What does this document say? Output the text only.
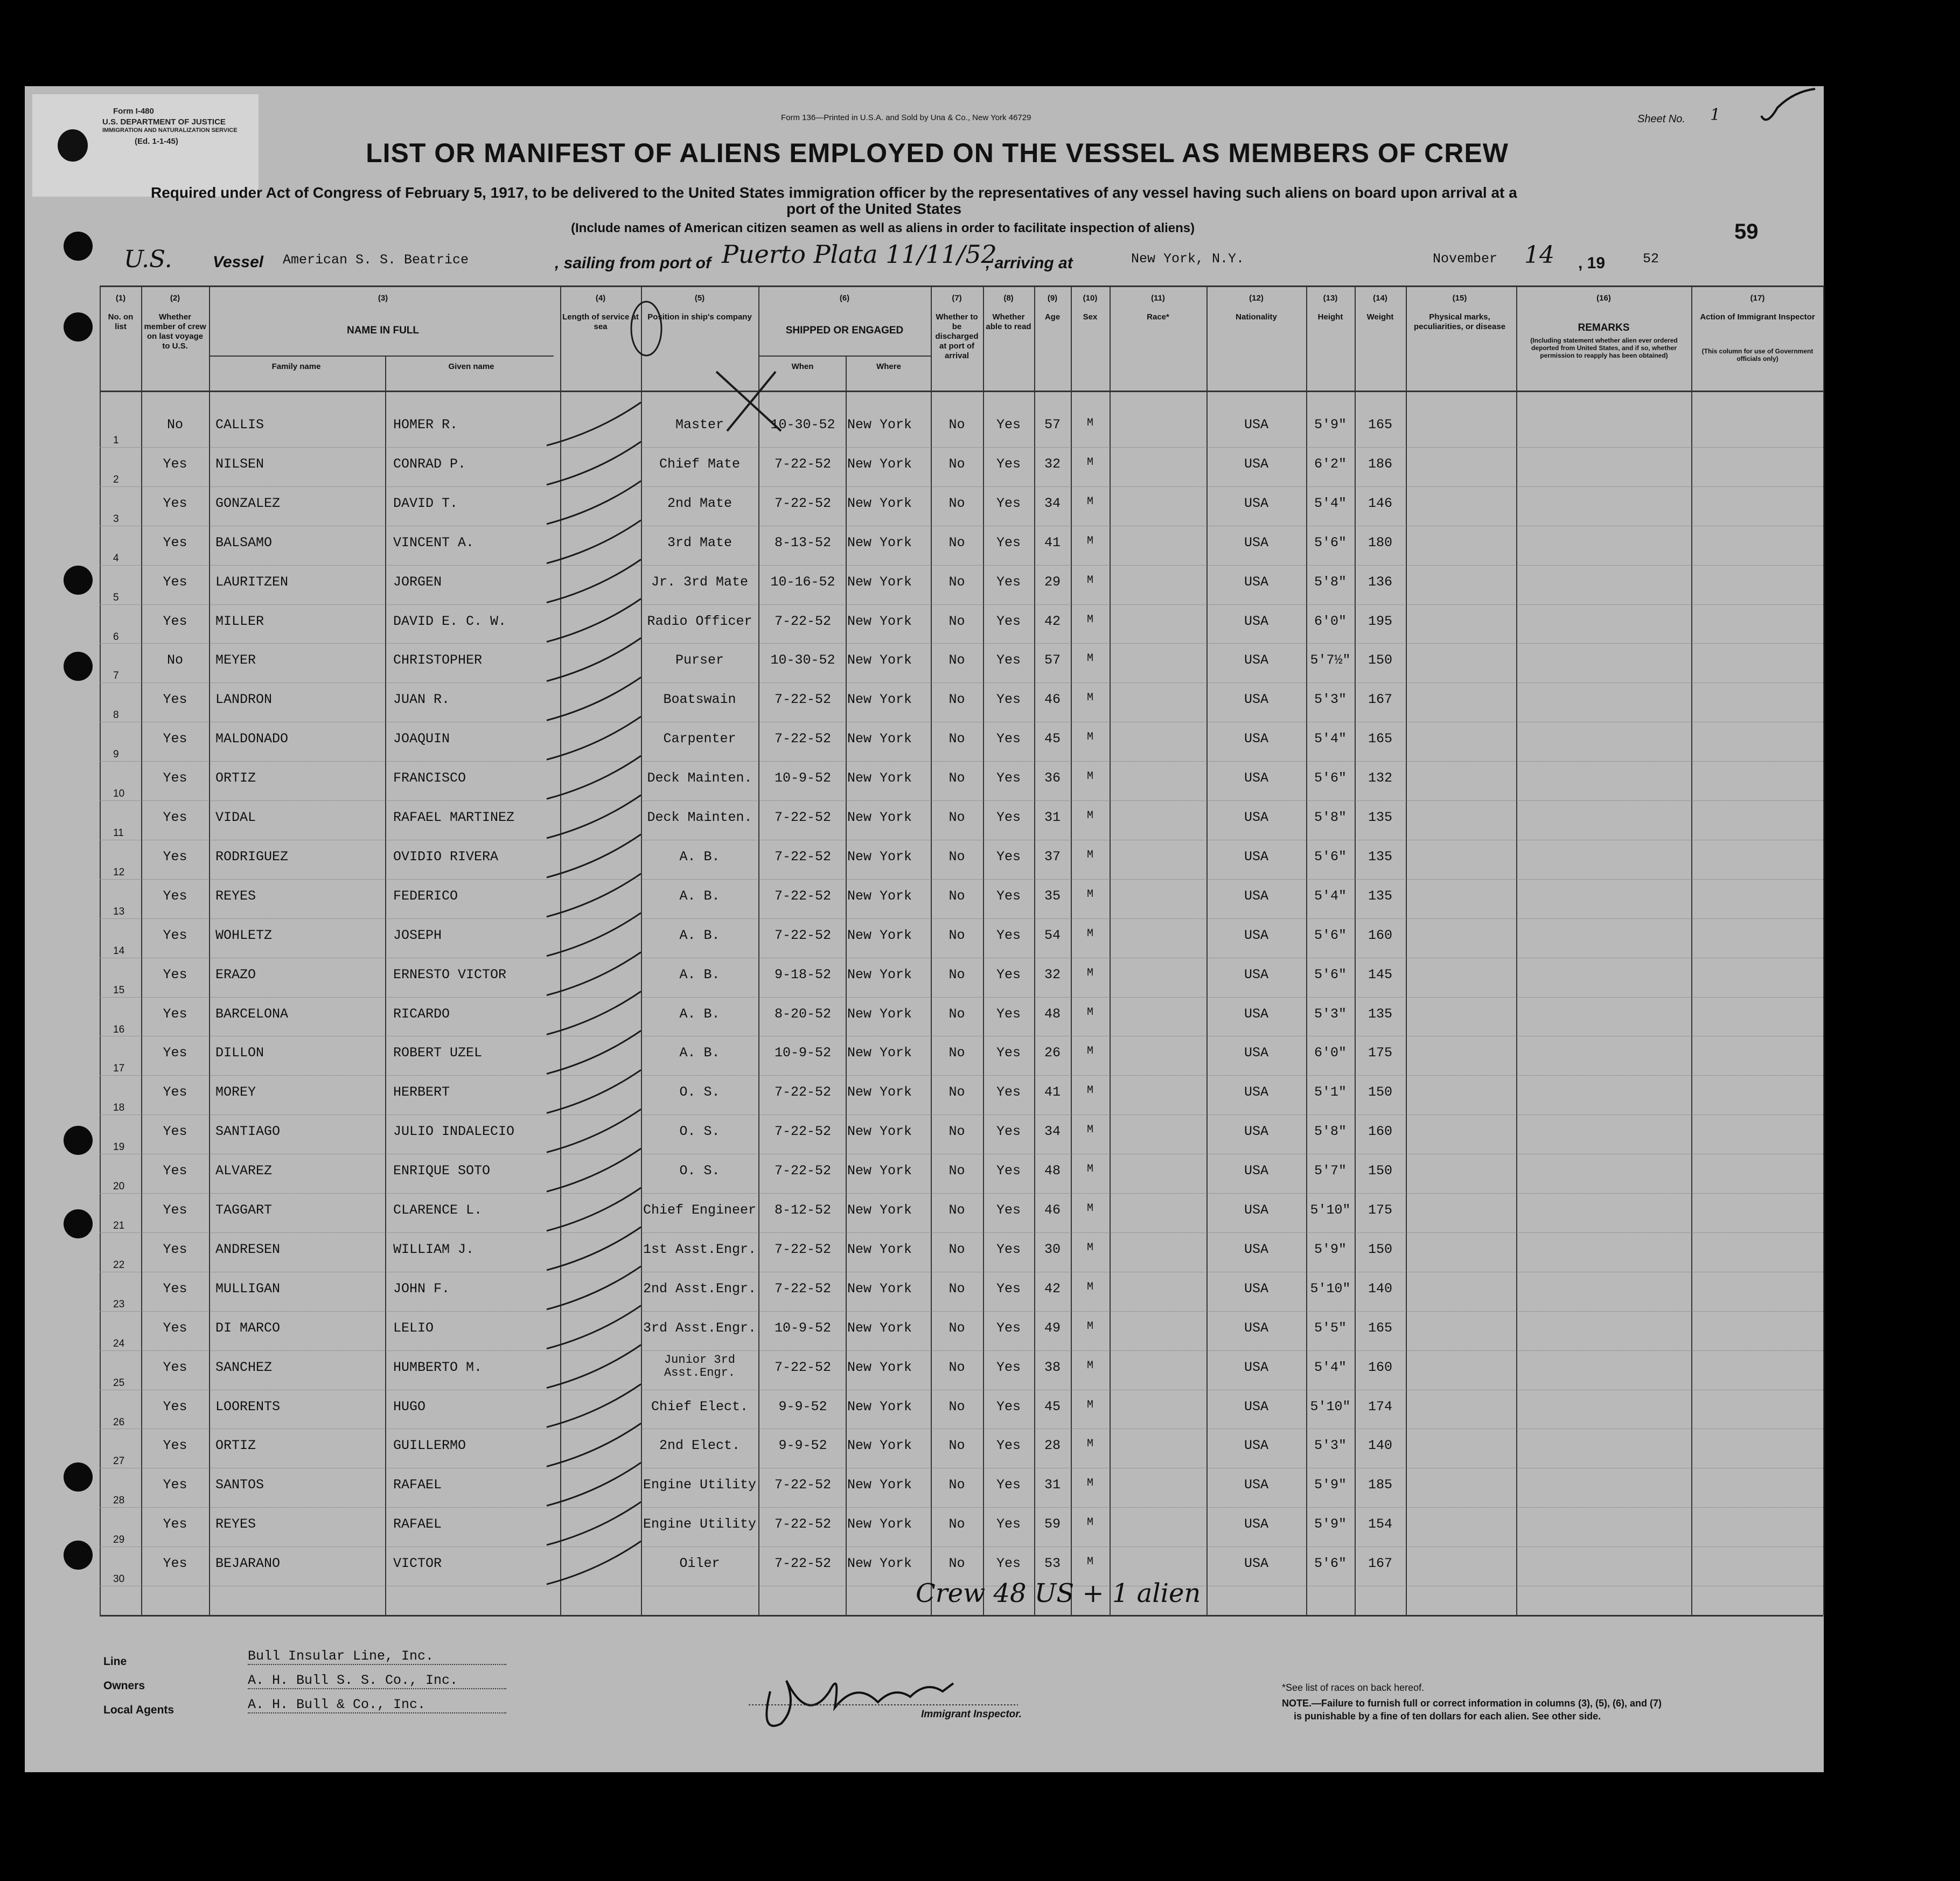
Form I-480
U.S. DEPARTMENT OF JUSTICE
IMMIGRATION AND NATURALIZATION SERVICE
(Ed. 1-1-45)
Form 136—Printed in U.S.A. and Sold by Una & Co., New York 46729	Sheet No. 1
LIST OR MANIFEST OF ALIENS EMPLOYED ON THE VESSEL AS MEMBERS OF CREW
Required under Act of Congress of February 5, 1917, to be delivered to the United States immigration officer by the representatives of any vessel having such aliens on board upon arrival at a
port of the United States
(Include names of American citizen seamen as well as aliens in order to facilitate inspection of aliens)	59
U.S.	Vessel American S. S. Beatrice	, sailing from port of Puerto Plata 11/11/52
, arriving at	New York, N.Y.	November 14 , 19	52
(1)
No. on list
(2)
Whether member of crew on last voyage to U.S.
(3)
NAME IN FULL
(4)
Length of service at sea
(5)
Position in ship's company
(6)
SHIPPED OR ENGAGED
(7)
Whether to be discharged at port of arrival
(8)
Whether able to read
(9)
Age
(10)
Sex
(11)
Race*
(12)
Nationality
(13)
Height
(14)
Weight
(15)
Physical marks, peculiarities, or disease
(16)
REMARKS
(17)
Action of Immigrant Inspector
Family name	Given name	When	Where
(Including statement whether alien ever ordered deported from United States, and if so, whether permission to reapply has been obtained)
(This column for use of Government officials only)
1
No	CALLIS	HOMER R.	Master	10-30-52 New York	No	Yes	57	M	USA	5'9"	165
2
Yes	NILSEN	CONRAD P.	Chief Mate	7-22-52	New York	No	Yes	32	M	USA	6'2"	186
3
Yes	GONZALEZ	DAVID T.	2nd Mate	7-22-52	New York	No	Yes	34	M	USA	5'4"	146
4
Yes	BALSAMO	VINCENT A.	3rd Mate	8-13-52	New York	No	Yes	41	M	USA	5'6"	180
5
Yes	LAURITZEN	JORGEN	Jr. 3rd Mate	10-16-52 New York	No	Yes	29	M	USA	5'8"	136
6
Yes	MILLER	DAVID E. C. W.	Radio Officer	7-22-52	New York	No	Yes	42	M	USA	6'0"	195
7
No	MEYER	CHRISTOPHER	Purser	10-30-52 New York	No	Yes	57	M	USA	5'7½"	150
8
Yes	LANDRON	JUAN R.	Boatswain	7-22-52	New York	No	Yes	46	M	USA	5'3"	167
9
Yes	MALDONADO	JOAQUIN	Carpenter	7-22-52	New York	No	Yes	45	M	USA	5'4"	165
10
Yes	ORTIZ	FRANCISCO	Deck Mainten.	10-9-52	New York	No	Yes	36	M	USA	5'6"	132
11
Yes	VIDAL	RAFAEL MARTINEZ	Deck Mainten.	7-22-52	New York	No	Yes	31	M	USA	5'8"	135
12
Yes	RODRIGUEZ	OVIDIO RIVERA	A. B.	7-22-52	New York	No	Yes	37	M	USA	5'6"	135
13
Yes	REYES	FEDERICO	A. B.	7-22-52	New York	No	Yes	35	M	USA	5'4"	135
14
Yes	WOHLETZ	JOSEPH	A. B.	7-22-52	New York	No	Yes	54	M	USA	5'6"	160
15
Yes	ERAZO	ERNESTO VICTOR	A. B.	9-18-52	New York	No	Yes	32	M	USA	5'6"	145
16
Yes	BARCELONA	RICARDO	A. B.	8-20-52	New York	No	Yes	48	M	USA	5'3"	135
17
Yes	DILLON	ROBERT UZEL	A. B.	10-9-52	New York	No	Yes	26	M	USA	6'0"	175
18
Yes	MOREY	HERBERT	O. S.	7-22-52	New York	No	Yes	41	M	USA	5'1"	150
19
Yes	SANTIAGO	JULIO INDALECIO	O. S.	7-22-52	New York	No	Yes	34	M	USA	5'8"	160
20
Yes	ALVAREZ	ENRIQUE SOTO	O. S.	7-22-52	New York	No	Yes	48	M	USA	5'7"	150
21
Yes	TAGGART	CLARENCE L.	Chief Engineer	8-12-52	New York	No	Yes	46	M	USA	5'10"	175
22
Yes	ANDRESEN	WILLIAM J.	1st Asst.Engr.	7-22-52	New York	No	Yes	30	M	USA	5'9"	150
23
Yes	MULLIGAN	JOHN F.	2nd Asst.Engr.	7-22-52	New York	No	Yes	42	M	USA	5'10"	140
24
Yes	DI MARCO	LELIO	3rd Asst.Engr.	10-9-52	New York	No	Yes	49	M	USA	5'5"	165
25
Yes	SANCHEZ	HUMBERTO M.	Junior 3rd Asst.Engr.	7-22-52	New York	No	Yes	38	M	USA	5'4"	160
26
Yes	LOORENTS	HUGO	Chief Elect.	9-9-52	New York	No	Yes	45	M	USA	5'10"	174
27
Yes	ORTIZ	GUILLERMO	2nd Elect.	9-9-52	New York	No	Yes	28	M	USA	5'3"	140
28
Yes	SANTOS	RAFAEL	Engine Utility	7-22-52	New York	No	Yes	31	M	USA	5'9"	185
29
Yes	REYES	RAFAEL	Engine Utility	7-22-52	New York	No	Yes	59	M	USA	5'9"	154
30
Yes	BEJARANO	VICTOR	Oiler	7-22-52	New York	No	Yes	53	M	USA	5'6"	167
Crew 48 US + 1 alien
Line	Bull Insular Line, Inc.
Owners	A. H. Bull S. S. Co., Inc.
Local Agents	A. H. Bull & Co., Inc.
Immigrant Inspector.
*See list of races on back hereof.
NOTE.—Failure to furnish full or correct information in columns (3), (5), (6), and (7)
is punishable by a fine of ten dollars for each alien. See other side.
